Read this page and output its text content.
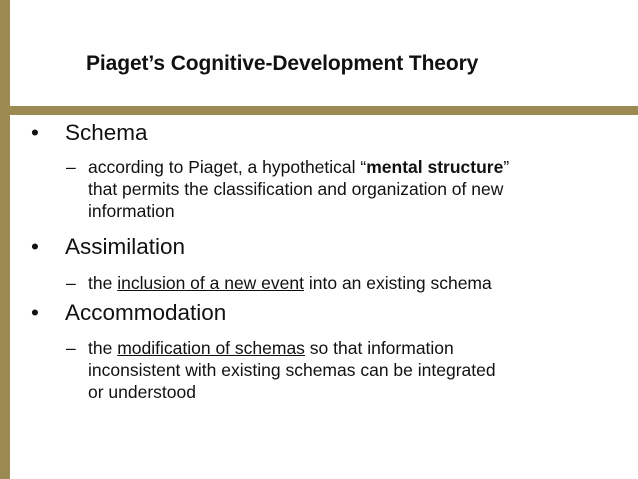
Piaget’s Cognitive-Development Theory
• Schema
– according to Piaget, a hypothetical “mental structure”
that permits the classification and organization of new
information
• Assimilation
– the inclusion of a new event into an existing schema
• Accommodation
– the modification of schemas so that information
inconsistent with existing schemas can be integrated
or understood
